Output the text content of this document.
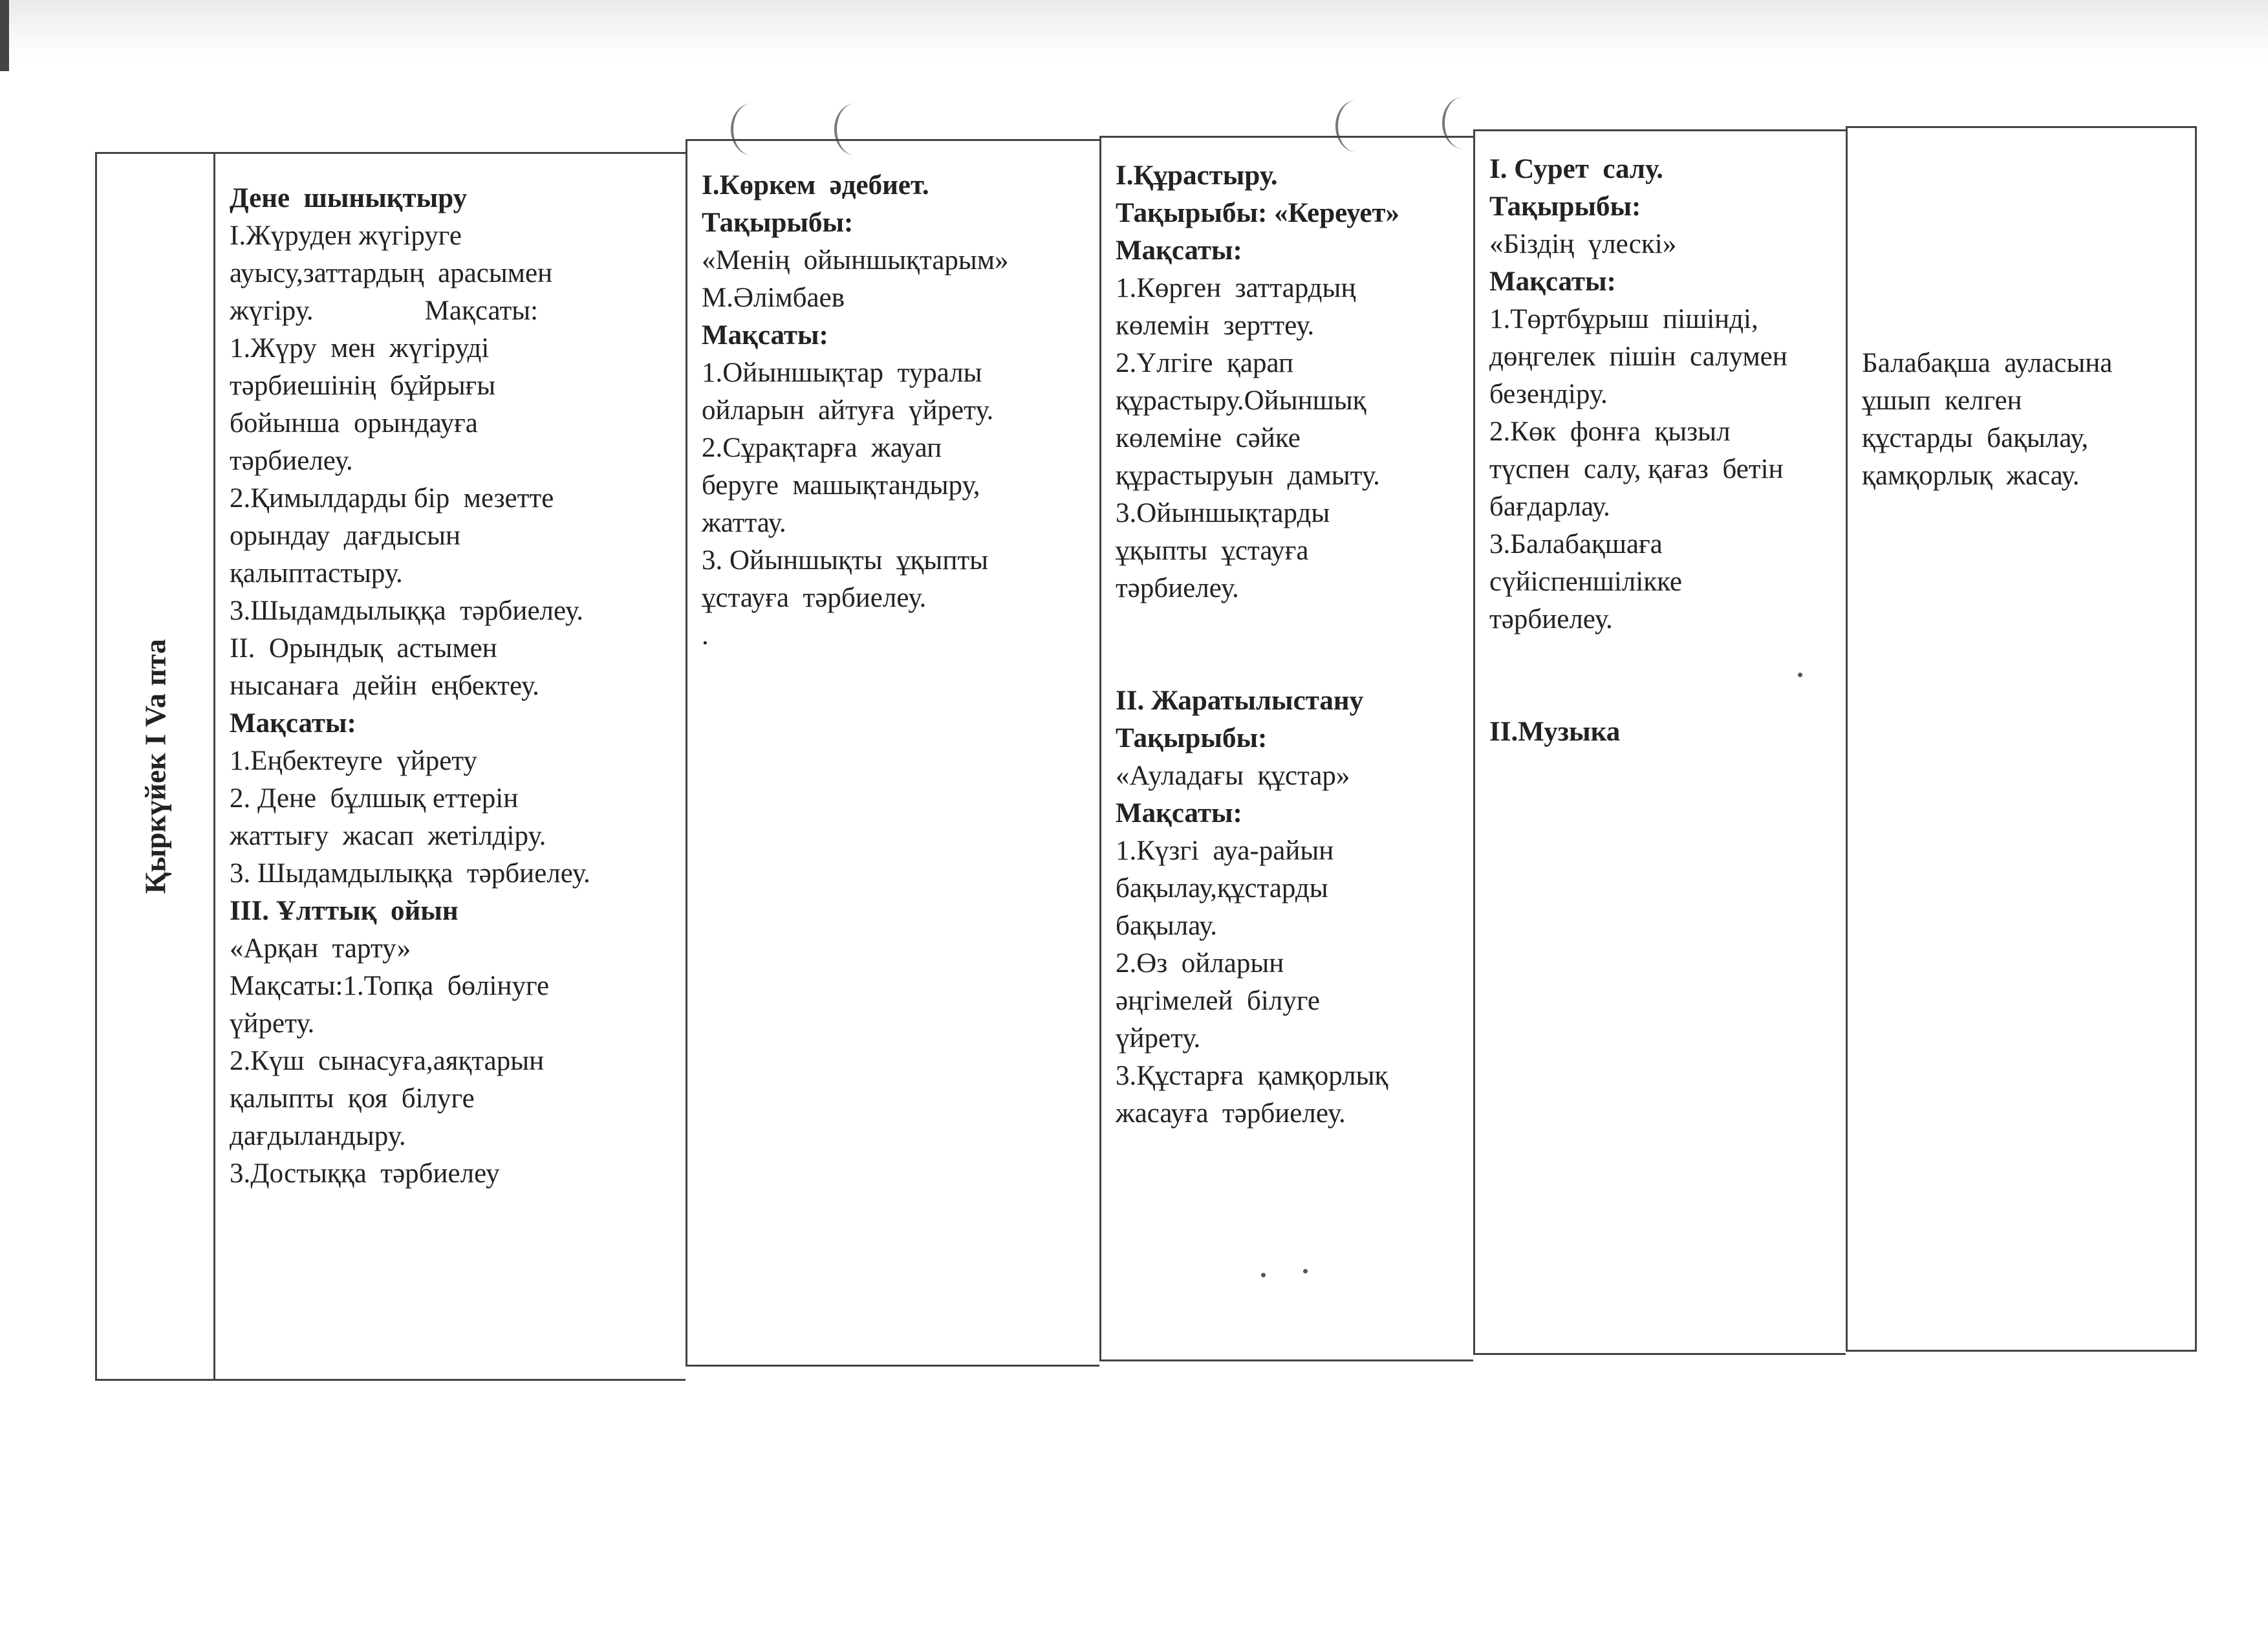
Қыркүйек I Va пта
Дене  шынықтыру
І.Жүруден жүгіруге
ауысу,заттардың  арасымен
жүгіру.                Мақсаты:
1.Жүру  мен  жүгіруді
тәрбиешінің  бұйрығы
бойынша  орындауға
тәрбиелеу.
2.Қимылдарды бір  мезетте
орындау  дағдысын
қалыптастыру.
3.Шыдамдылыққа  тәрбиелеу.
ІІ.  Орындық  астымен
нысанаға  дейін  еңбектеу.
Мақсаты:
1.Еңбектеуге  үйрету
2. Дене  бұлшық еттерін
жаттығу  жасап  жетілдіру.
3. Шыдамдылыққа  тәрбиелеу.
ІІІ. Ұлттық  ойын
«Арқан  тарту»
Мақсаты:1.Топқа  бөлінуге
үйрету.
2.Күш  сынасуға,аяқтарын
қалыпты  қоя  білуге
дағдыландыру.
3.Достыққа  тәрбиелеу
І.Көркем  әдебиет.
Тақырыбы:
«Менің  ойыншықтарым»
М.Әлімбаев
Мақсаты:
1.Ойыншықтар  туралы
ойларын  айтуға  үйрету.
2.Сұрақтарға  жауап
беруге  машықтандыру,
жаттау.
3. Ойыншықты  ұқыпты
ұстауға  тәрбиелеу.
.
І.Құрастыру.
Тақырыбы: «Кереует»
Мақсаты:
1.Көрген  заттардың
көлемін  зерттеу.
2.Үлгіге  қарап
құрастыру.Ойыншық
көлеміне  сәйке
құрастыруын  дамыту.
3.Ойыншықтарды
ұқыпты  ұстауға
тәрбиелеу.

ІІ. Жаратылыстану
Тақырыбы:
«Ауладағы  құстар»
Мақсаты:
1.Күзгі  ауа-райын
бақылау,құстарды
бақылау.
2.Өз  ойларын
әңгімелей  білуге
үйрету.
3.Құстарға  қамқорлық
жасауға  тәрбиелеу.
І. Сурет  салу.
Тақырыбы:
«Біздің  үлескі»
Мақсаты:
1.Төртбұрыш  пішінді,
дөңгелек  пішін  салумен
безендіру.
2.Көк  фонға  қызыл
түспен  салу, қағаз  бетін
бағдарлау.
3.Балабақшаға
сүйіспеншілікке
тәрбиелеу.

ІІ.Музыка
Балабақша  ауласына
ұшып  келген
құстарды  бақылау,
қамқорлық  жасау.
